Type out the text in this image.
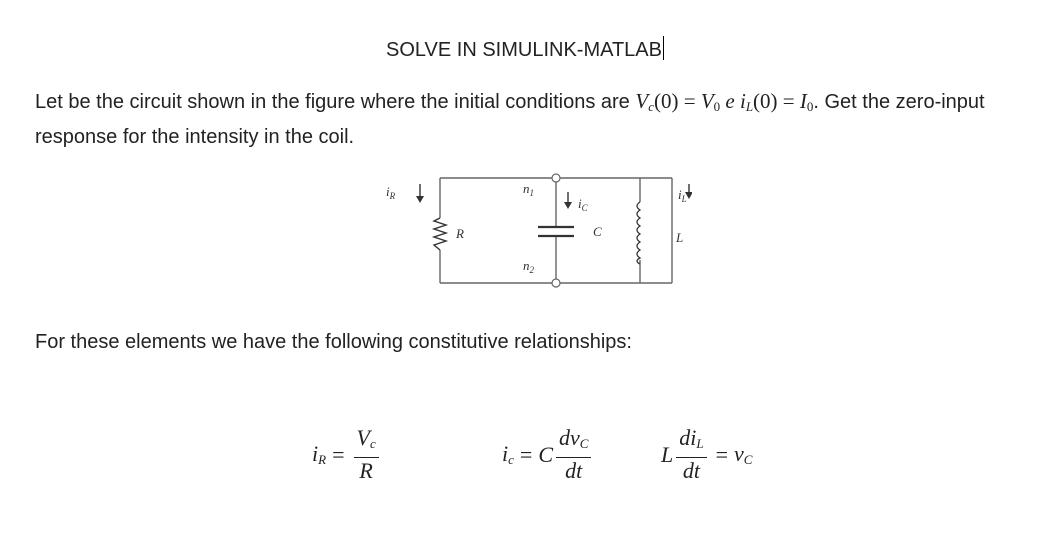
SOLVE IN SIMULINK-MATLAB
Let be the circuit shown in the figure where the initial conditions are $V_c(0) = V_0$ e $i_L(0) = I_0$. Get the zero-input response for the intensity in the coil.
$i_R$
R
$n_1$
$n_2$
$i_C$
C
$i_L$
L
For these elements we have the following constitutive relationships:
$i_R = \frac{V_c}{R}$	$i_c = C \frac{dv_C}{dt}$	L $\frac{di_L}{dt} = v_C$
